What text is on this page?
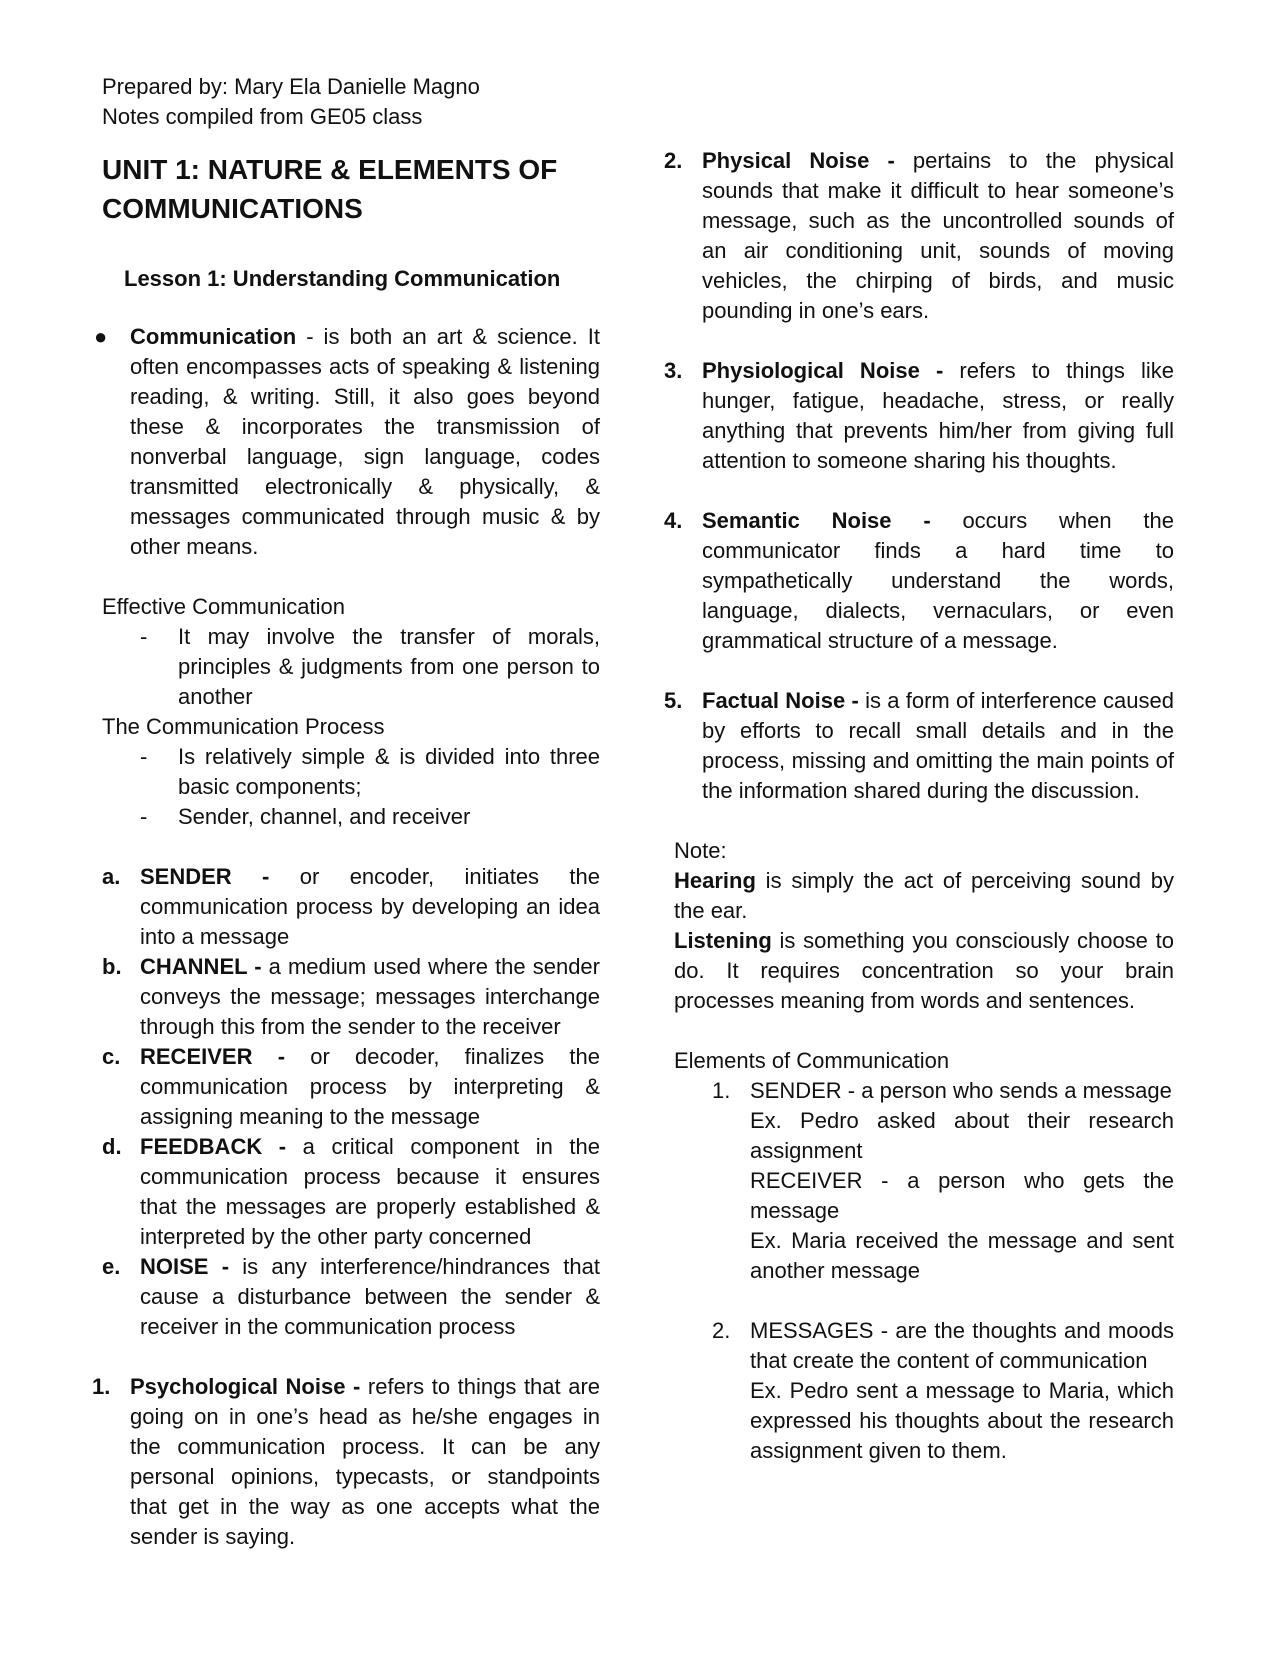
Prepared by: Mary Ela Danielle Magno
Notes compiled from GE05 class
UNIT 1: NATURE & ELEMENTS OF COMMUNICATIONS
Lesson 1: Understanding Communication
● Communication - is both an art & science. It often encompasses acts of speaking & listening reading, & writing. Still, it also goes beyond these & incorporates the transmission of nonverbal language, sign language, codes transmitted electronically & physically, & messages communicated through music & by other means.
Effective Communication
- It may involve the transfer of morals, principles & judgments from one person to another
The Communication Process
- Is relatively simple & is divided into three basic components;
- Sender, channel, and receiver
a. SENDER - or encoder, initiates the communication process by developing an idea into a message
b. CHANNEL - a medium used where the sender conveys the message; messages interchange through this from the sender to the receiver
c. RECEIVER - or decoder, finalizes the communication process by interpreting & assigning meaning to the message
d. FEEDBACK - a critical component in the communication process because it ensures that the messages are properly established & interpreted by the other party concerned
e. NOISE - is any interference/hindrances that cause a disturbance between the sender & receiver in the communication process
1. Psychological Noise - refers to things that are going on in one’s head as he/she engages in the communication process. It can be any personal opinions, typecasts, or standpoints that get in the way as one accepts what the sender is saying.
2. Physical Noise - pertains to the physical sounds that make it difficult to hear someone’s message, such as the uncontrolled sounds of an air conditioning unit, sounds of moving vehicles, the chirping of birds, and music pounding in one’s ears.
3. Physiological Noise - refers to things like hunger, fatigue, headache, stress, or really anything that prevents him/her from giving full attention to someone sharing his thoughts.
4. Semantic Noise - occurs when the communicator finds a hard time to sympathetically understand the words, language, dialects, vernaculars, or even grammatical structure of a message.
5. Factual Noise - is a form of interference caused by efforts to recall small details and in the process, missing and omitting the main points of the information shared during the discussion.
Note:

Hearing is simply the act of perceiving sound by the ear.

Listening is something you consciously choose to do. It requires concentration so your brain processes meaning from words and sentences.

Elements of Communication
1. SENDER - a person who sends a message

Ex. Pedro asked about their research assignment

RECEIVER - a person who gets the message

Ex. Maria received the message and sent another message

2. MESSAGES - are the thoughts and moods that create the content of communication

Ex. Pedro sent a message to Maria, which expressed his thoughts about the research assignment given to them.
